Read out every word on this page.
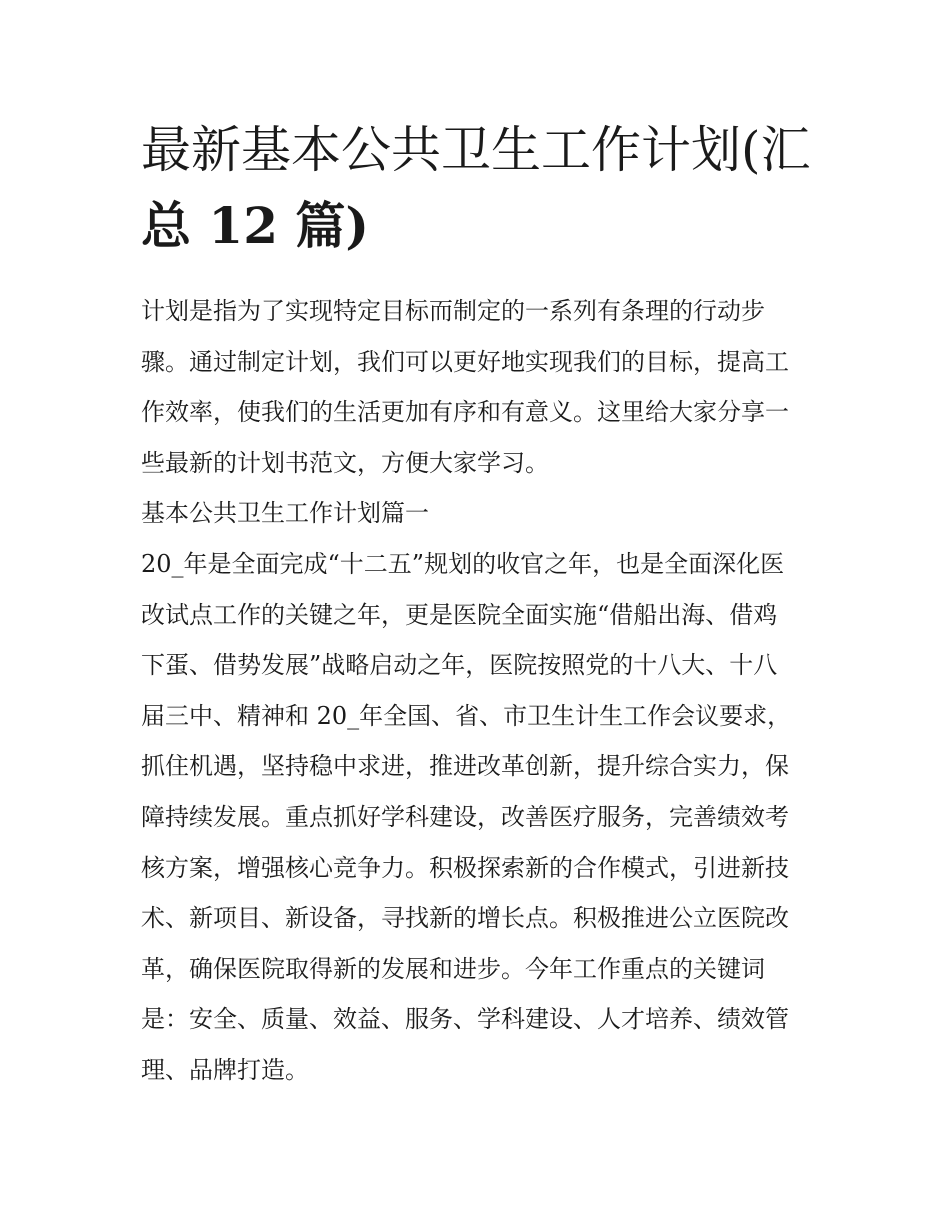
最新基本公共卫生工作计划(汇
总 12 篇)
计划是指为了实现特定目标而制定的一系列有条理的行动步
骤。通过制定计划，我们可以更好地实现我们的目标，提高工
作效率，使我们的生活更加有序和有意义。这里给大家分享一
些最新的计划书范文，方便大家学习。
基本公共卫生工作计划篇一
20_年是全面完成“十二五”规划的收官之年，也是全面深化医
改试点工作的关键之年，更是医院全面实施“借船出海、借鸡
下蛋、借势发展”战略启动之年，医院按照党的十八大、十八
届三中、精神和 20_年全国、省、市卫生计生工作会议要求，
抓住机遇，坚持稳中求进，推进改革创新，提升综合实力，保
障持续发展。重点抓好学科建设，改善医疗服务，完善绩效考
核方案，增强核心竞争力。积极探索新的合作模式，引进新技
术、新项目、新设备，寻找新的增长点。积极推进公立医院改
革，确保医院取得新的发展和进步。今年工作重点的关键词
是：安全、质量、效益、服务、学科建设、人才培养、绩效管
理、品牌打造。
